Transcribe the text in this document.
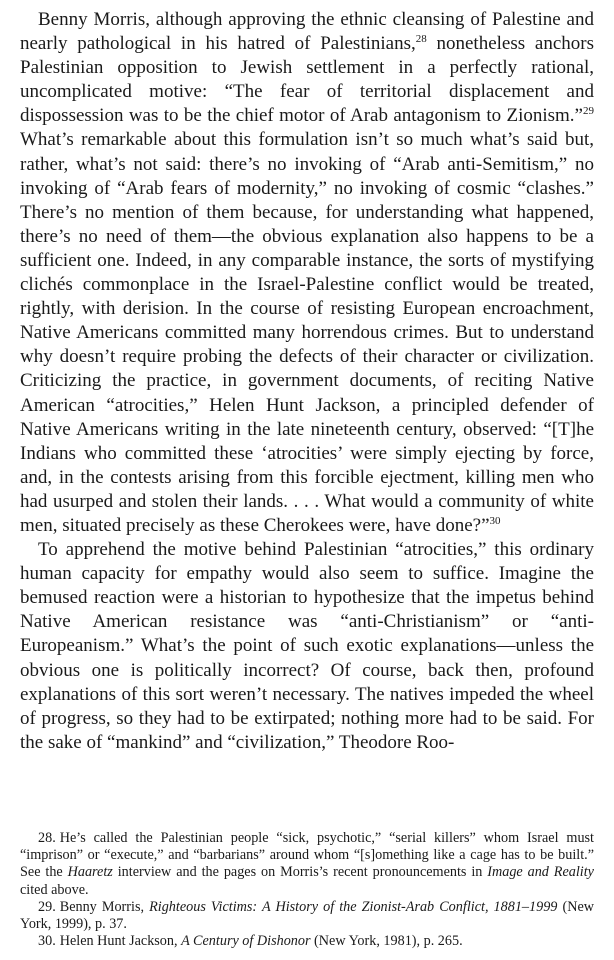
Benny Morris, although approving the ethnic cleansing of Palestine and nearly pathological in his hatred of Palestinians,$^{28}$ nonetheless anchors Palestinian opposition to Jewish settlement in a perfectly rational, uncomplicated motive: “The fear of territorial displacement and dispossession was to be the chief motor of Arab antagonism to Zionism.”$^{29}$ What’s remarkable about this formulation isn’t so much what’s said but, rather, what’s not said: there’s no invoking of “Arab anti-Semitism,” no invoking of “Arab fears of modernity,” no invoking of cosmic “clashes.” There’s no mention of them because, for understanding what happened, there’s no need of them—the obvious explanation also happens to be a sufficient one. Indeed, in any comparable instance, the sorts of mystifying clichés commonplace in the Israel-Palestine conflict would be treated, rightly, with derision. In the course of resisting European encroachment, Native Americans committed many horrendous crimes. But to understand why doesn’t require probing the defects of their character or civilization. Criticizing the practice, in government documents, of reciting Native American “atrocities,” Helen Hunt Jackson, a principled defender of Native Americans writing in the late nineteenth century, observed: “[T]he Indians who committed these ‘atrocities’ were simply ejecting by force, and, in the contests arising from this forcible ejectment, killing men who had usurped and stolen their lands. . . . What would a community of white men, situated precisely as these Cherokees were, have done?”$^{30}$

To apprehend the motive behind Palestinian “atrocities,” this ordinary human capacity for empathy would also seem to suffice. Imagine the bemused reaction were a historian to hypothesize that the impetus behind Native American resistance was “anti-Christianism” or “anti-Europeanism.” What’s the point of such exotic explanations—unless the obvious one is politically incorrect? Of course, back then, profound explanations of this sort weren’t necessary. The natives impeded the wheel of progress, so they had to be extirpated; nothing more had to be said. For the sake of “mankind” and “civilization,” Theodore Roo-

28. He’s called the Palestinian people “sick, psychotic,” “serial killers” whom Israel must “imprison” or “execute,” and “barbarians” around whom “[s]omething like a cage has to be built.” See the Haaretz interview and the pages on Morris’s recent pronouncements in Image and Reality cited above.

29. Benny Morris, Righteous Victims: A History of the Zionist-Arab Conflict, 1881–1999 (New York, 1999), p. 37.

30. Helen Hunt Jackson, A Century of Dishonor (New York, 1981), p. 265.
